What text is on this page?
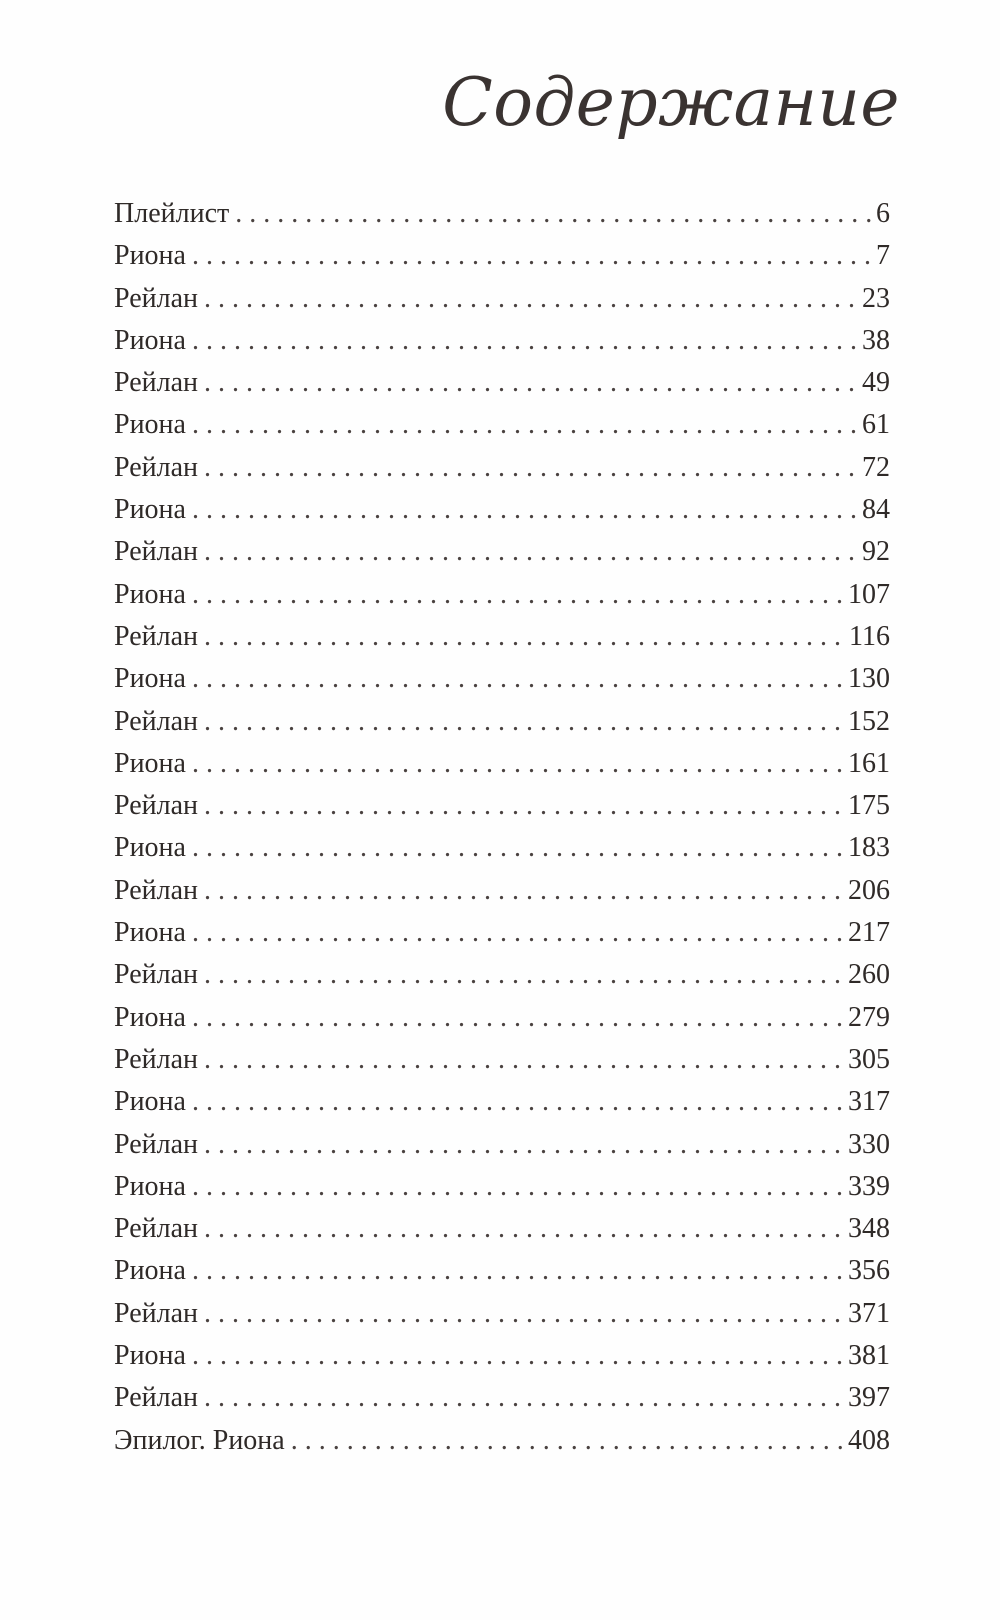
Содержание
Плейлист . . .	6
Риона . . .	7
Рейлан . . .	23
Риона . . .	38
Рейлан . . .	49
Риона . . .	61
Рейлан . . .	72
Риона . . .	84
Рейлан . . .	92
Риона . . .	107
Рейлан . . .	116
Риона . . .	130
Рейлан . . .	152
Риона . . .	161
Рейлан . . .	175
Риона . . .	183
Рейлан . . .	206
Риона . . .	217
Рейлан . . .	260
Риона . . .	279
Рейлан . . .	305
Риона . . .	317
Рейлан . . .	330
Риона . . .	339
Рейлан . . .	348
Риона . . .	356
Рейлан . . .	371
Риона . . .	381
Рейлан . . .	397
Эпилог. Риона . . .	408
